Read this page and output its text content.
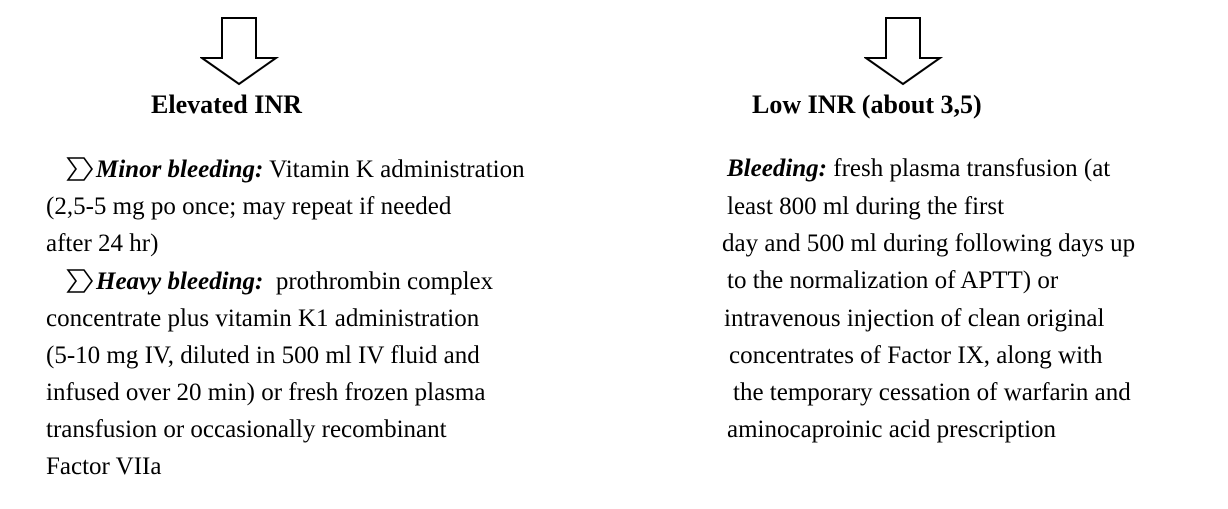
Elevated INR	Low INR (about 3,5)
Minor bleeding: Vitamin K administration
(2,5-5 mg po once; may repeat if needed
after 24 hr)
Heavy bleeding:  prothrombin complex
concentrate plus vitamin K1 administration
(5-10 mg IV, diluted in 500 ml IV fluid and
infused over 20 min) or fresh frozen plasma
transfusion or occasionally recombinant
Factor VIIa
Bleeding: fresh plasma transfusion (at
least 800 ml during the first
day and 500 ml during following days up
to the normalization of APTT) or
intravenous injection of clean original
concentrates of Factor IX, along with
the temporary cessation of warfarin and
aminocaproinic acid prescription
